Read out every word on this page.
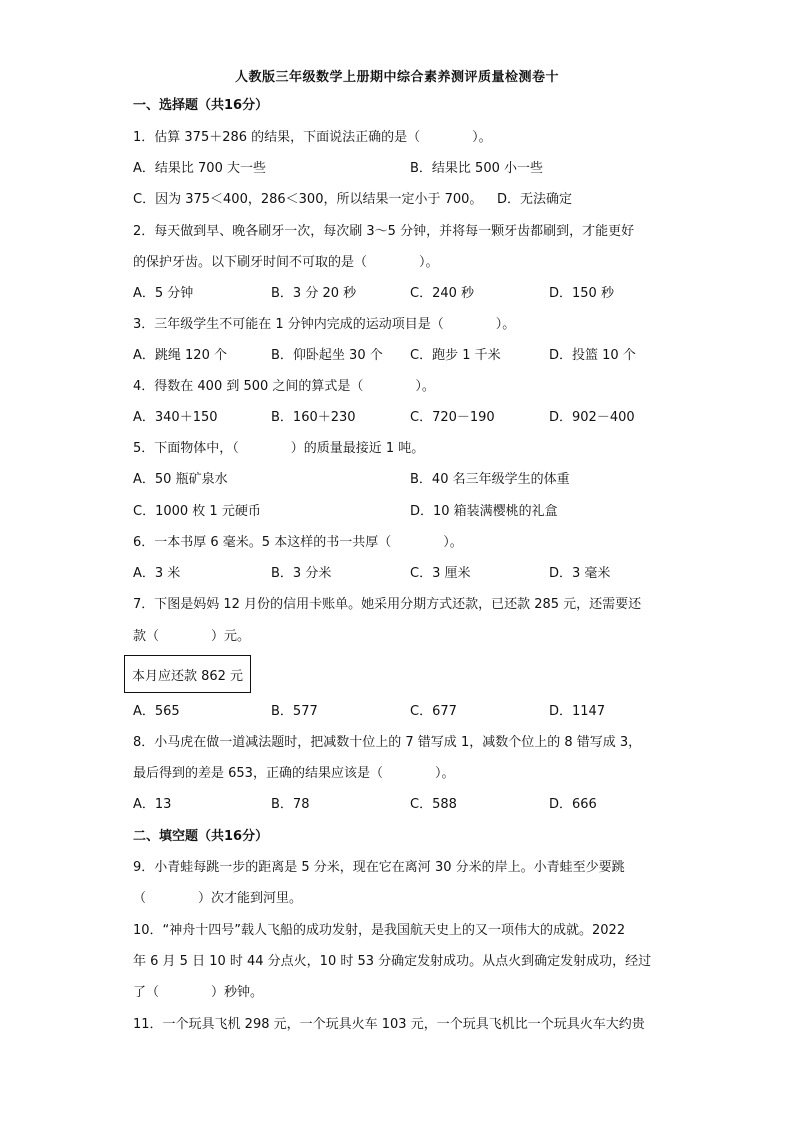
人教版三年级数学上册期中综合素养测评质量检测卷十
一、选择题（共16分）
1．估算 375＋286 的结果，下面说法正确的是（　　　　）。
A．结果比 700 大一些	B．结果比 500 小一些
C．因为 375＜400，286＜300，所以结果一定小于 700。 D．无法确定
2．每天做到早、晚各刷牙一次，每次刷 3～5 分钟，并将每一颗牙齿都刷到，才能更好
的保护牙齿。以下刷牙时间不可取的是（　　　　）。
A．5 分钟	B．3 分 20 秒	C．240 秒	D．150 秒
3．三年级学生不可能在 1 分钟内完成的运动项目是（　　　　）。
A．跳绳 120 个	B．仰卧起坐 30 个 C．跑步 1 千米	D．投篮 10 个
4．得数在 400 到 500 之间的算式是（　　　　）。
A．340＋150	B．160＋230	C．720－190	D．902－400
5．下面物体中，（　　　　）的质量最接近 1 吨。
A．50 瓶矿泉水	B．40 名三年级学生的体重
C．1000 枚 1 元硬币	D．10 箱装满樱桃的礼盒
6．一本书厚 6 毫米。5 本这样的书一共厚（　　　　）。
A．3 米	B．3 分米	C．3 厘米	D．3 毫米
7．下图是妈妈 12 月份的信用卡账单。她采用分期方式还款，已还款 285 元，还需要还
款（　　　　）元。
本月应还款 862 元
A．565	B．577	C．677	D．1147
8．小马虎在做一道减法题时，把减数十位上的 7 错写成 1，减数个位上的 8 错写成 3，
最后得到的差是 653，正确的结果应该是（　　　　）。
A．13	B．78	C．588	D．666
二、填空题（共16分）
9．小青蛙每跳一步的距离是 5 分米，现在它在离河 30 分米的岸上。小青蛙至少要跳
（　　　　）次才能到河里。
10．“神舟十四号”载人飞船的成功发射，是我国航天史上的又一项伟大的成就。2022
年 6 月 5 日 10 时 44 分点火，10 时 53 分确定发射成功。从点火到确定发射成功，经过
了（　　　　）秒钟。
11．一个玩具飞机 298 元，一个玩具火车 103 元，一个玩具飞机比一个玩具火车大约贵
